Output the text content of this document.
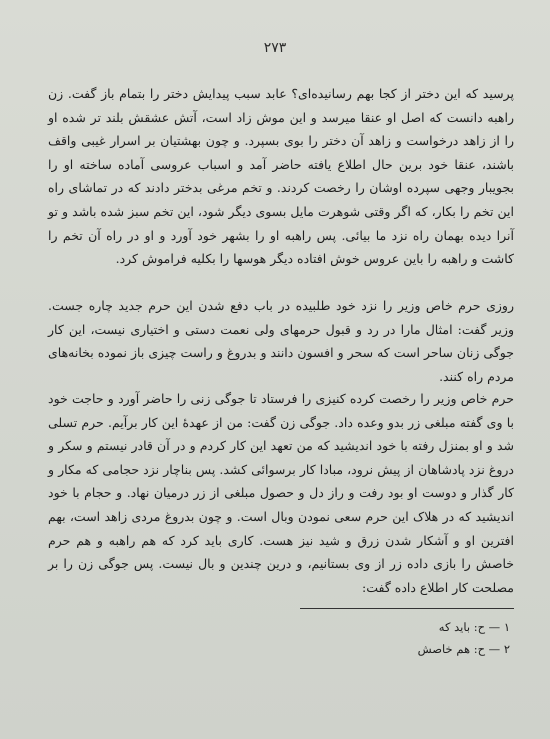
۲۷۳

پرسید که این دختر از کجا بهم رسانیده‌ای؟ عابد سبب پیدایش دختر را بتمام باز گفت. زن راهبه دانست که اصل او عنقا میرسد و این موش زاد است، آتش عشقش بلند تر شده او را از زاهد درخواست و زاهد آن دختر را بوی بسپرد. و چون بهشتیان بر اسرار غیبی واقف باشند، عنقا خود برین حال اطلاع یافته حاضر آمد و اسباب عروسی آماده ساخته او را بجویبار وجهی سپرده اوشان را رخصت کردند. و تخم مرغی بدختر دادند که در تماشای راه این تخم را بکار، که اگر وقتی شوهرت مایل بسوی دیگر شود، این تخم سبز شده باشد و تو آنرا دیده بهمان راه نزد ما بیائی. پس راهبه او را بشهر خود آورد و او در راه آن تخم را کاشت و راهبه را باین عروس خوش افتاده دیگر هوسها را بکلیه فراموش کرد.

روزی حرم خاص وزیر را نزد خود طلبیده در باب دفع شدن این حرم جدید چاره جست. وزیر گفت: امثال مارا در رد و قبول حرمهای ولی نعمت دستی و اختیاری نیست، این کار جوگی زنان ساحر است که سحر و افسون دانند و بدروغ و راست چیزی باز نموده بخانه‌های مردم راه کنند.

حرم خاص وزیر را رخصت کرده کنیزی را فرستاد تا جوگی زنی را حاضر آورد و حاجت خود با وی گفته مبلغی زر بدو وعده داد. جوگی زن گفت: من از عهدهٔ این کار برآیم. حرم تسلی شد و او بمنزل رفته با خود اندیشید که من تعهد این کار کردم و در آن قادر نیستم و سکر و دروغ نزد پادشاهان از پیش نرود، مبادا کار برسوائی کشد. پس بناچار نزد حجامی که مکار و کار گذار و دوست او بود رفت و راز دل و حصول مبلغی از زر درمیان نهاد. و حجام با خود اندیشید که در هلاک این حرم سعی نمودن وبال است. و چون بدروغ مردی زاهد است، بهم افترین او و آشکار شدن زرق و شید نیز هست. کاری باید کرد که هم راهبه و هم حرم خاصش را بازی داده زر از وی بستانیم، و درین چندین و بال نیست. پس جوگی زن را بر مصلحت کار اطلاع داده گفت:

۱ — ح: باید که
۲ — ح: هم خاصش
